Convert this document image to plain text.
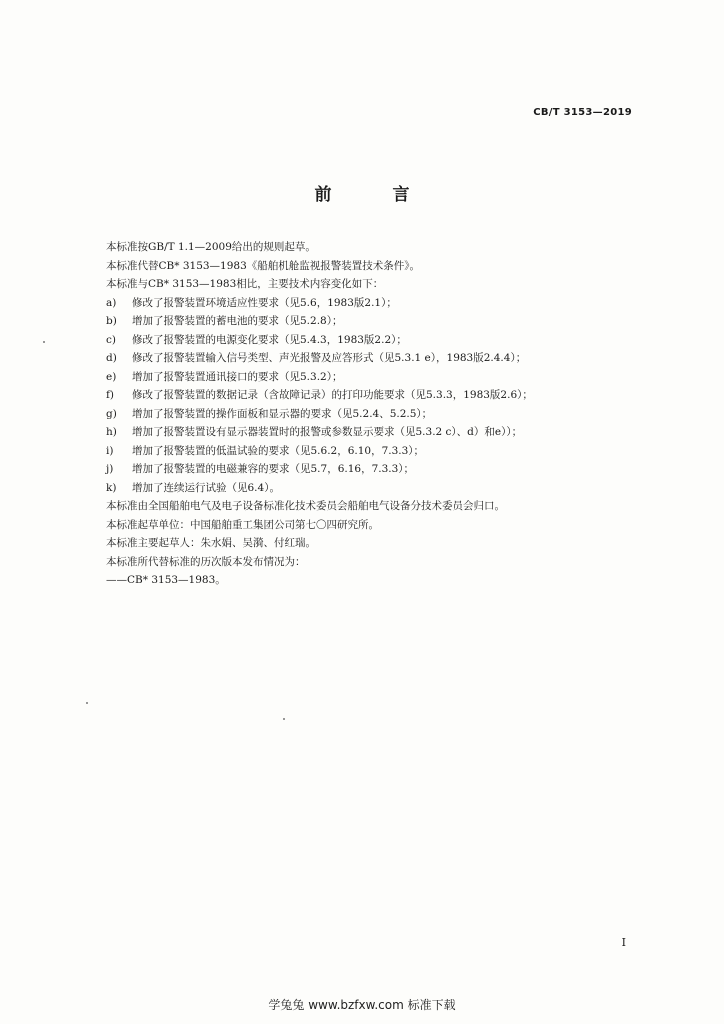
CB/T 3153—2019
前　言
本标准按GB/T 1.1—2009给出的规则起草。
本标准代替CB* 3153—1983《船舶机舱监视报警装置技术条件》。
本标准与CB* 3153—1983相比，主要技术内容变化如下：
a)	修改了报警装置环境适应性要求（见5.6，1983版2.1）；
b)	增加了报警装置的蓄电池的要求（见5.2.8）；
c)	修改了报警装置的电源变化要求（见5.4.3，1983版2.2）；
d)	修改了报警装置输入信号类型、声光报警及应答形式（见5.3.1 e），1983版2.4.4）；
e)	增加了报警装置通讯接口的要求（见5.3.2）；
f)	修改了报警装置的数据记录（含故障记录）的打印功能要求（见5.3.3，1983版2.6）；
g)	增加了报警装置的操作面板和显示器的要求（见5.2.4、5.2.5）；
h)	增加了报警装置设有显示器装置时的报警或参数显示要求（见5.3.2 c）、d）和e））；
i)	增加了报警装置的低温试验的要求（见5.6.2，6.10，7.3.3）；
j)	增加了报警装置的电磁兼容的要求（见5.7，6.16，7.3.3）；
k)	增加了连续运行试验（见6.4）。
本标准由全国船舶电气及电子设备标准化技术委员会船舶电气设备分技术委员会归口。
本标准起草单位：中国船舶重工集团公司第七〇四研究所。
本标准主要起草人：朱水娟、吴漪、付红瑞。
本标准所代替标准的历次版本发布情况为：
——CB* 3153—1983。
I
学兔兔 www.bzfxw.com 标准下载
